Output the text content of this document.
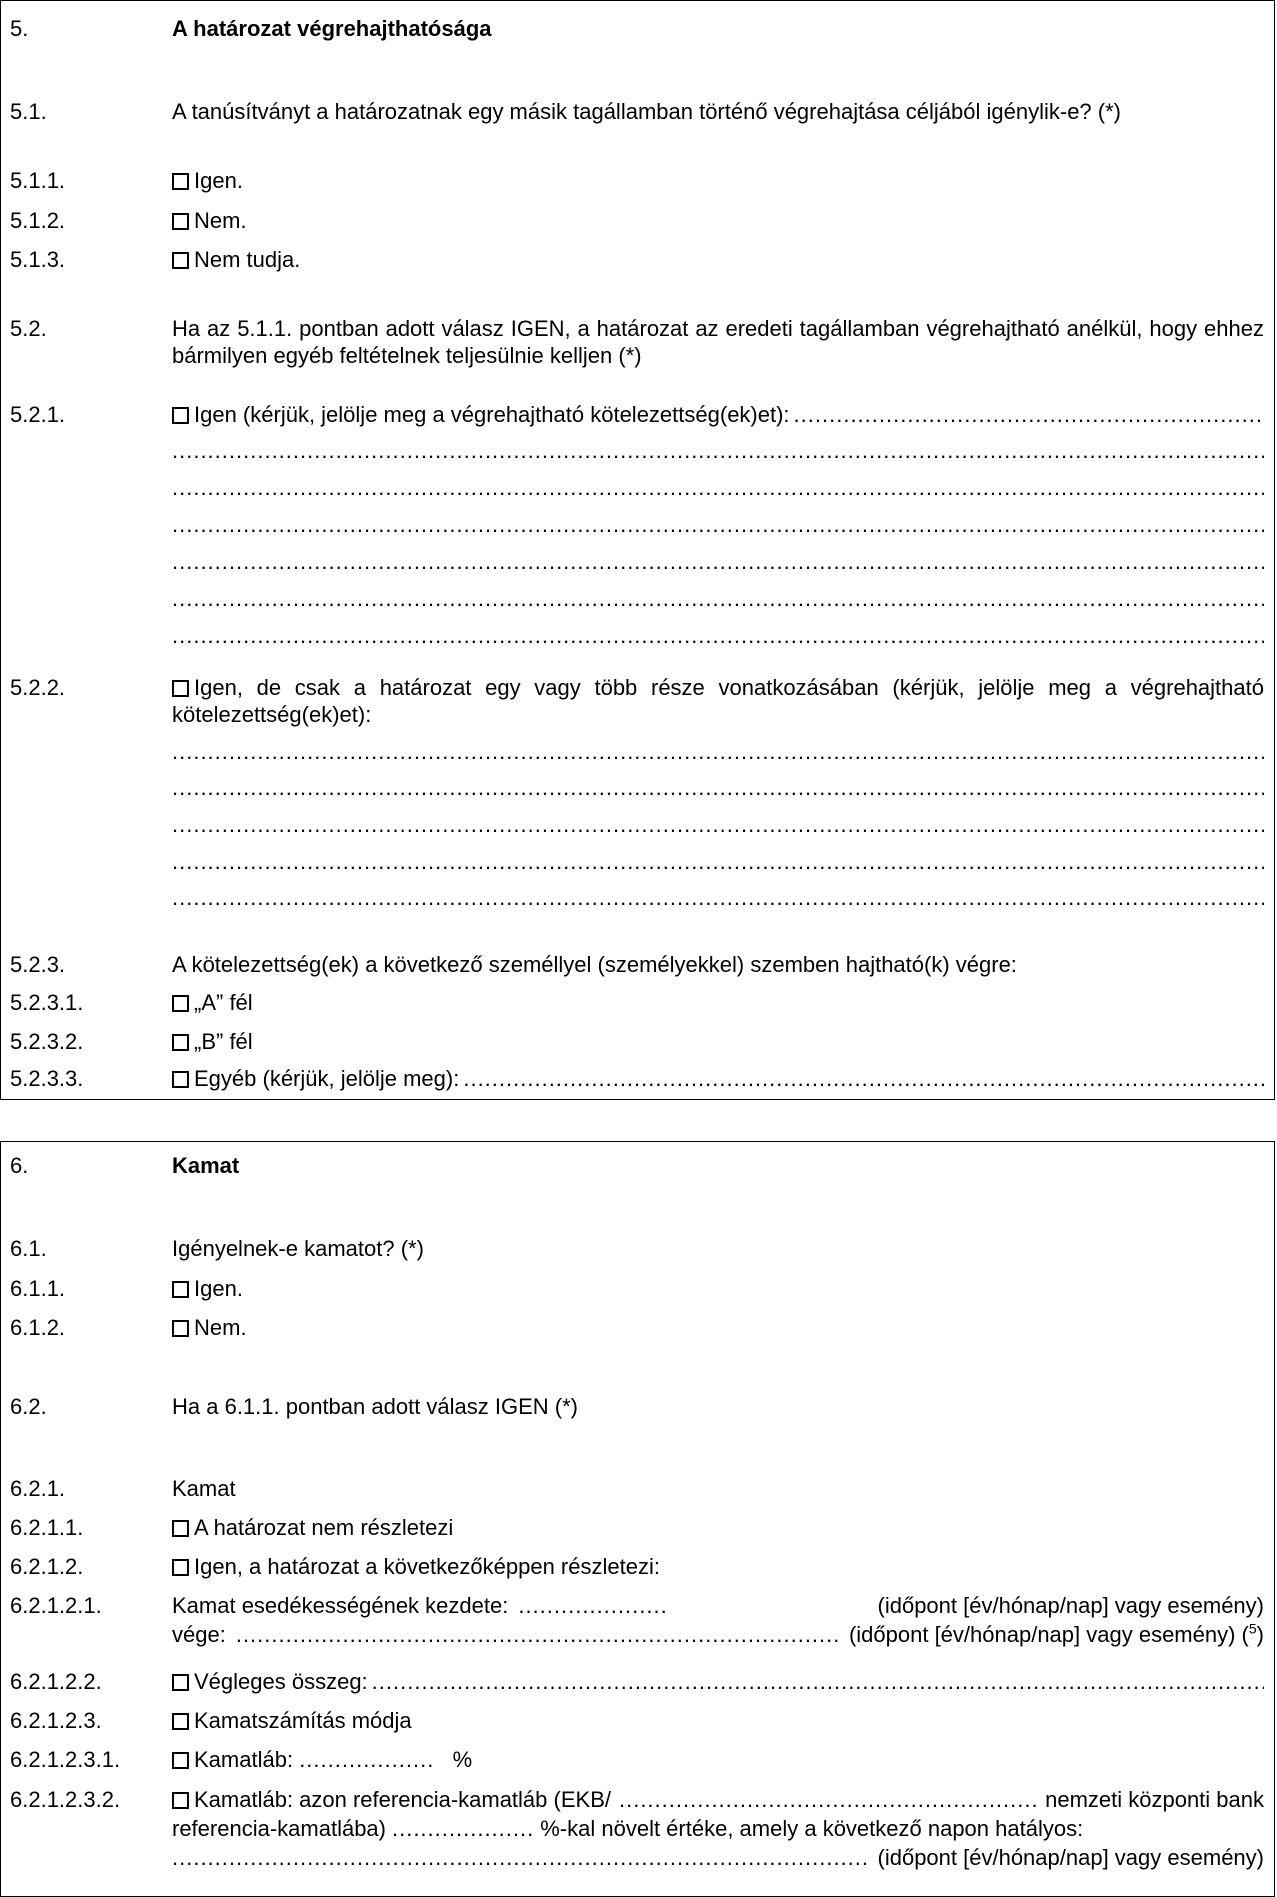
5.	A határozat végrehajthatósága
5.1.	A tanúsítványt a határozatnak egy másik tagállamban történő végrehajtása céljából igénylik-e? (*)
5.1.1.	Igen.
5.1.2.	Nem.
5.1.3.	Nem tudja.
5.2.	Ha az 5.1.1. pontban adott válasz IGEN, a határozat az eredeti tagállamban végrehajtható anélkül, hogy ehhez bármilyen egyéb feltételnek teljesülnie kelljen (*)
5.2.1.	Igen (kérjük, jelölje meg a végrehajtható kötelezettség(ek)et):
.....
.....
.....
.....
.....
.....
.....
5.2.2.	Igen, de csak a határozat egy vagy több része vonatkozásában (kérjük, jelölje meg a végrehajtható kötelezettség(ek)et):
.....
.....
.....
.....
.....
5.2.3.	A kötelezettség(ek) a következő személlyel (személyekkel) szemben hajtható(k) végre:
5.2.3.1.	„A” fél
5.2.3.2.	„B” fél
5.2.3.3.	Egyéb (kérjük, jelölje meg):
.....
6.	Kamat
6.1.	Igényelnek-e kamatot? (*)
6.1.1.	Igen.
6.1.2.	Nem.
6.2.	Ha a 6.1.1. pontban adott válasz IGEN (*)
6.2.1.	Kamat
6.2.1.1.	A határozat nem részletezi
6.2.1.2.	Igen, a határozat a következőképpen részletezi:
6.2.1.2.1.	Kamat esedékességének kezdete: .....................	(időpont [év/hónap/nap] vagy esemény)
vége: .....	(időpont [év/hónap/nap] vagy esemény) ($^5$)
6.2.1.2.2.	Végleges összeg:
.....
6.2.1.2.3.	Kamatszámítás módja
6.2.1.2.3.1.	Kamatláb: ................... %
6.2.1.2.3.2.	Kamatláb: azon referencia-kamatláb (EKB/ .....	nemzeti központi bank
referencia-kamatlába) .................... %-kal növelt értéke, amely a következő napon hatályos:
.....
(időpont [év/hónap/nap] vagy esemény)
